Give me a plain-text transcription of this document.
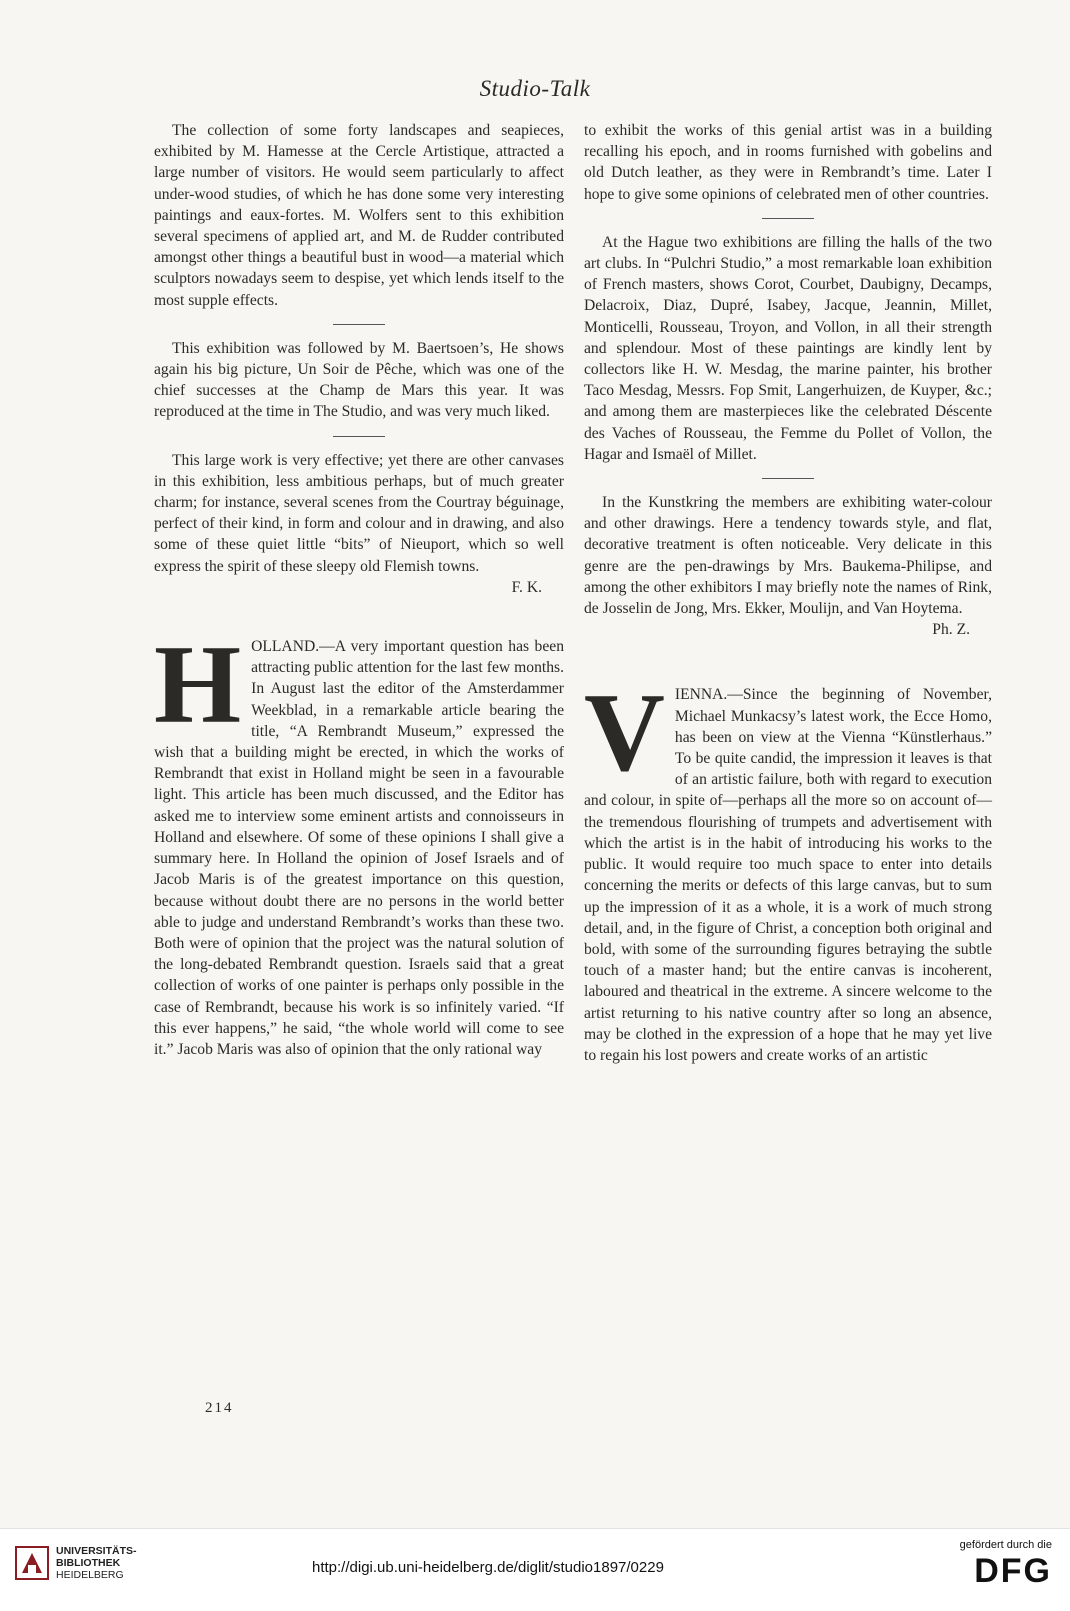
Studio-Talk

The collection of some forty landscapes and seapieces, exhibited by M. Hamesse at the Cercle Artistique, attracted a large number of visitors. He would seem particularly to affect under-wood studies, of which he has done some very interesting paintings and eaux-fortes. M. Wolfers sent to this exhibition several specimens of applied art, and M. de Rudder contributed amongst other things a beautiful bust in wood—a material which sculptors nowadays seem to despise, yet which lends itself to the most supple effects.

This exhibition was followed by M. Baertsoen’s, He shows again his big picture, Un Soir de Pêche, which was one of the chief successes at the Champ de Mars this year. It was reproduced at the time in The Studio, and was very much liked.

This large work is very effective; yet there are other canvases in this exhibition, less ambitious perhaps, but of much greater charm; for instance, several scenes from the Courtray béguinage, perfect of their kind, in form and colour and in drawing, and also some of these quiet little “bits” of Nieuport, which so well express the spirit of these sleepy old Flemish towns.

F. K.
H OLLAND.—A very important question has been attracting public attention for the last few months. In August last the editor of the Amsterdammer Weekblad, in a remarkable article bearing the title, “A Rembrandt Museum,” expressed the wish that a building might be erected, in which the works of Rembrandt that exist in Holland might be seen in a favourable light. This article has been much discussed, and the Editor has asked me to interview some eminent artists and connoisseurs in Holland and elsewhere. Of some of these opinions I shall give a summary here. In Holland the opinion of Josef Israels and of Jacob Maris is of the greatest importance on this question, because without doubt there are no persons in the world better able to judge and understand Rembrandt’s works than these two. Both were of opinion that the project was the natural solution of the long-debated Rembrandt question. Israels said that a great collection of works of one painter is perhaps only possible in the case of Rembrandt, because his work is so infinitely varied. “If this ever happens,” he said, “the whole world will come to see it.” Jacob Maris was also of opinion that the only rational way

to exhibit the works of this genial artist was in a building recalling his epoch, and in rooms furnished with gobelins and old Dutch leather, as they were in Rembrandt’s time. Later I hope to give some opinions of celebrated men of other countries.

At the Hague two exhibitions are filling the halls of the two art clubs. In “Pulchri Studio,” a most remarkable loan exhibition of French masters, shows Corot, Courbet, Daubigny, Decamps, Delacroix, Diaz, Dupré, Isabey, Jacque, Jeannin, Millet, Monticelli, Rousseau, Troyon, and Vollon, in all their strength and splendour. Most of these paintings are kindly lent by collectors like H. W. Mesdag, the marine painter, his brother Taco Mesdag, Messrs. Fop Smit, Langerhuizen, de Kuyper, &c.; and among them are masterpieces like the celebrated Déscente des Vaches of Rousseau, the Femme du Pollet of Vollon, the Hagar and Ismaël of Millet.

In the Kunstkring the members are exhibiting water-colour and other drawings. Here a tendency towards style, and flat, decorative treatment is often noticeable. Very delicate in this genre are the pen-drawings by Mrs. Baukema-Philipse, and among the other exhibitors I may briefly note the names of Rink, de Josselin de Jong, Mrs. Ekker, Moulijn, and Van Hoytema.

Ph. Z.
V IENNA.—Since the beginning of November, Michael Munkacsy’s latest work, the Ecce Homo, has been on view at the Vienna “Künstlerhaus.” To be quite candid, the impression it leaves is that of an artistic failure, both with regard to execution and colour, in spite of—perhaps all the more so on account of—the tremendous flourishing of trumpets and advertisement with which the artist is in the habit of introducing his works to the public. It would require too much space to enter into details concerning the merits or defects of this large canvas, but to sum up the impression of it as a whole, it is a work of much strong detail, and, in the figure of Christ, a conception both original and bold, with some of the surrounding figures betraying the subtle touch of a master hand; but the entire canvas is incoherent, laboured and theatrical in the extreme. A sincere welcome to the artist returning to his native country after so long an absence, may be clothed in the expression of a hope that he may yet live to regain his lost powers and create works of an artistic

214
UNIVERSITÄTS-
BIBLIOTHEK
HEIDELBERG	http://digi.ub.uni-heidelberg.de/diglit/studio1897/0229
gefördert durch die
DFG
